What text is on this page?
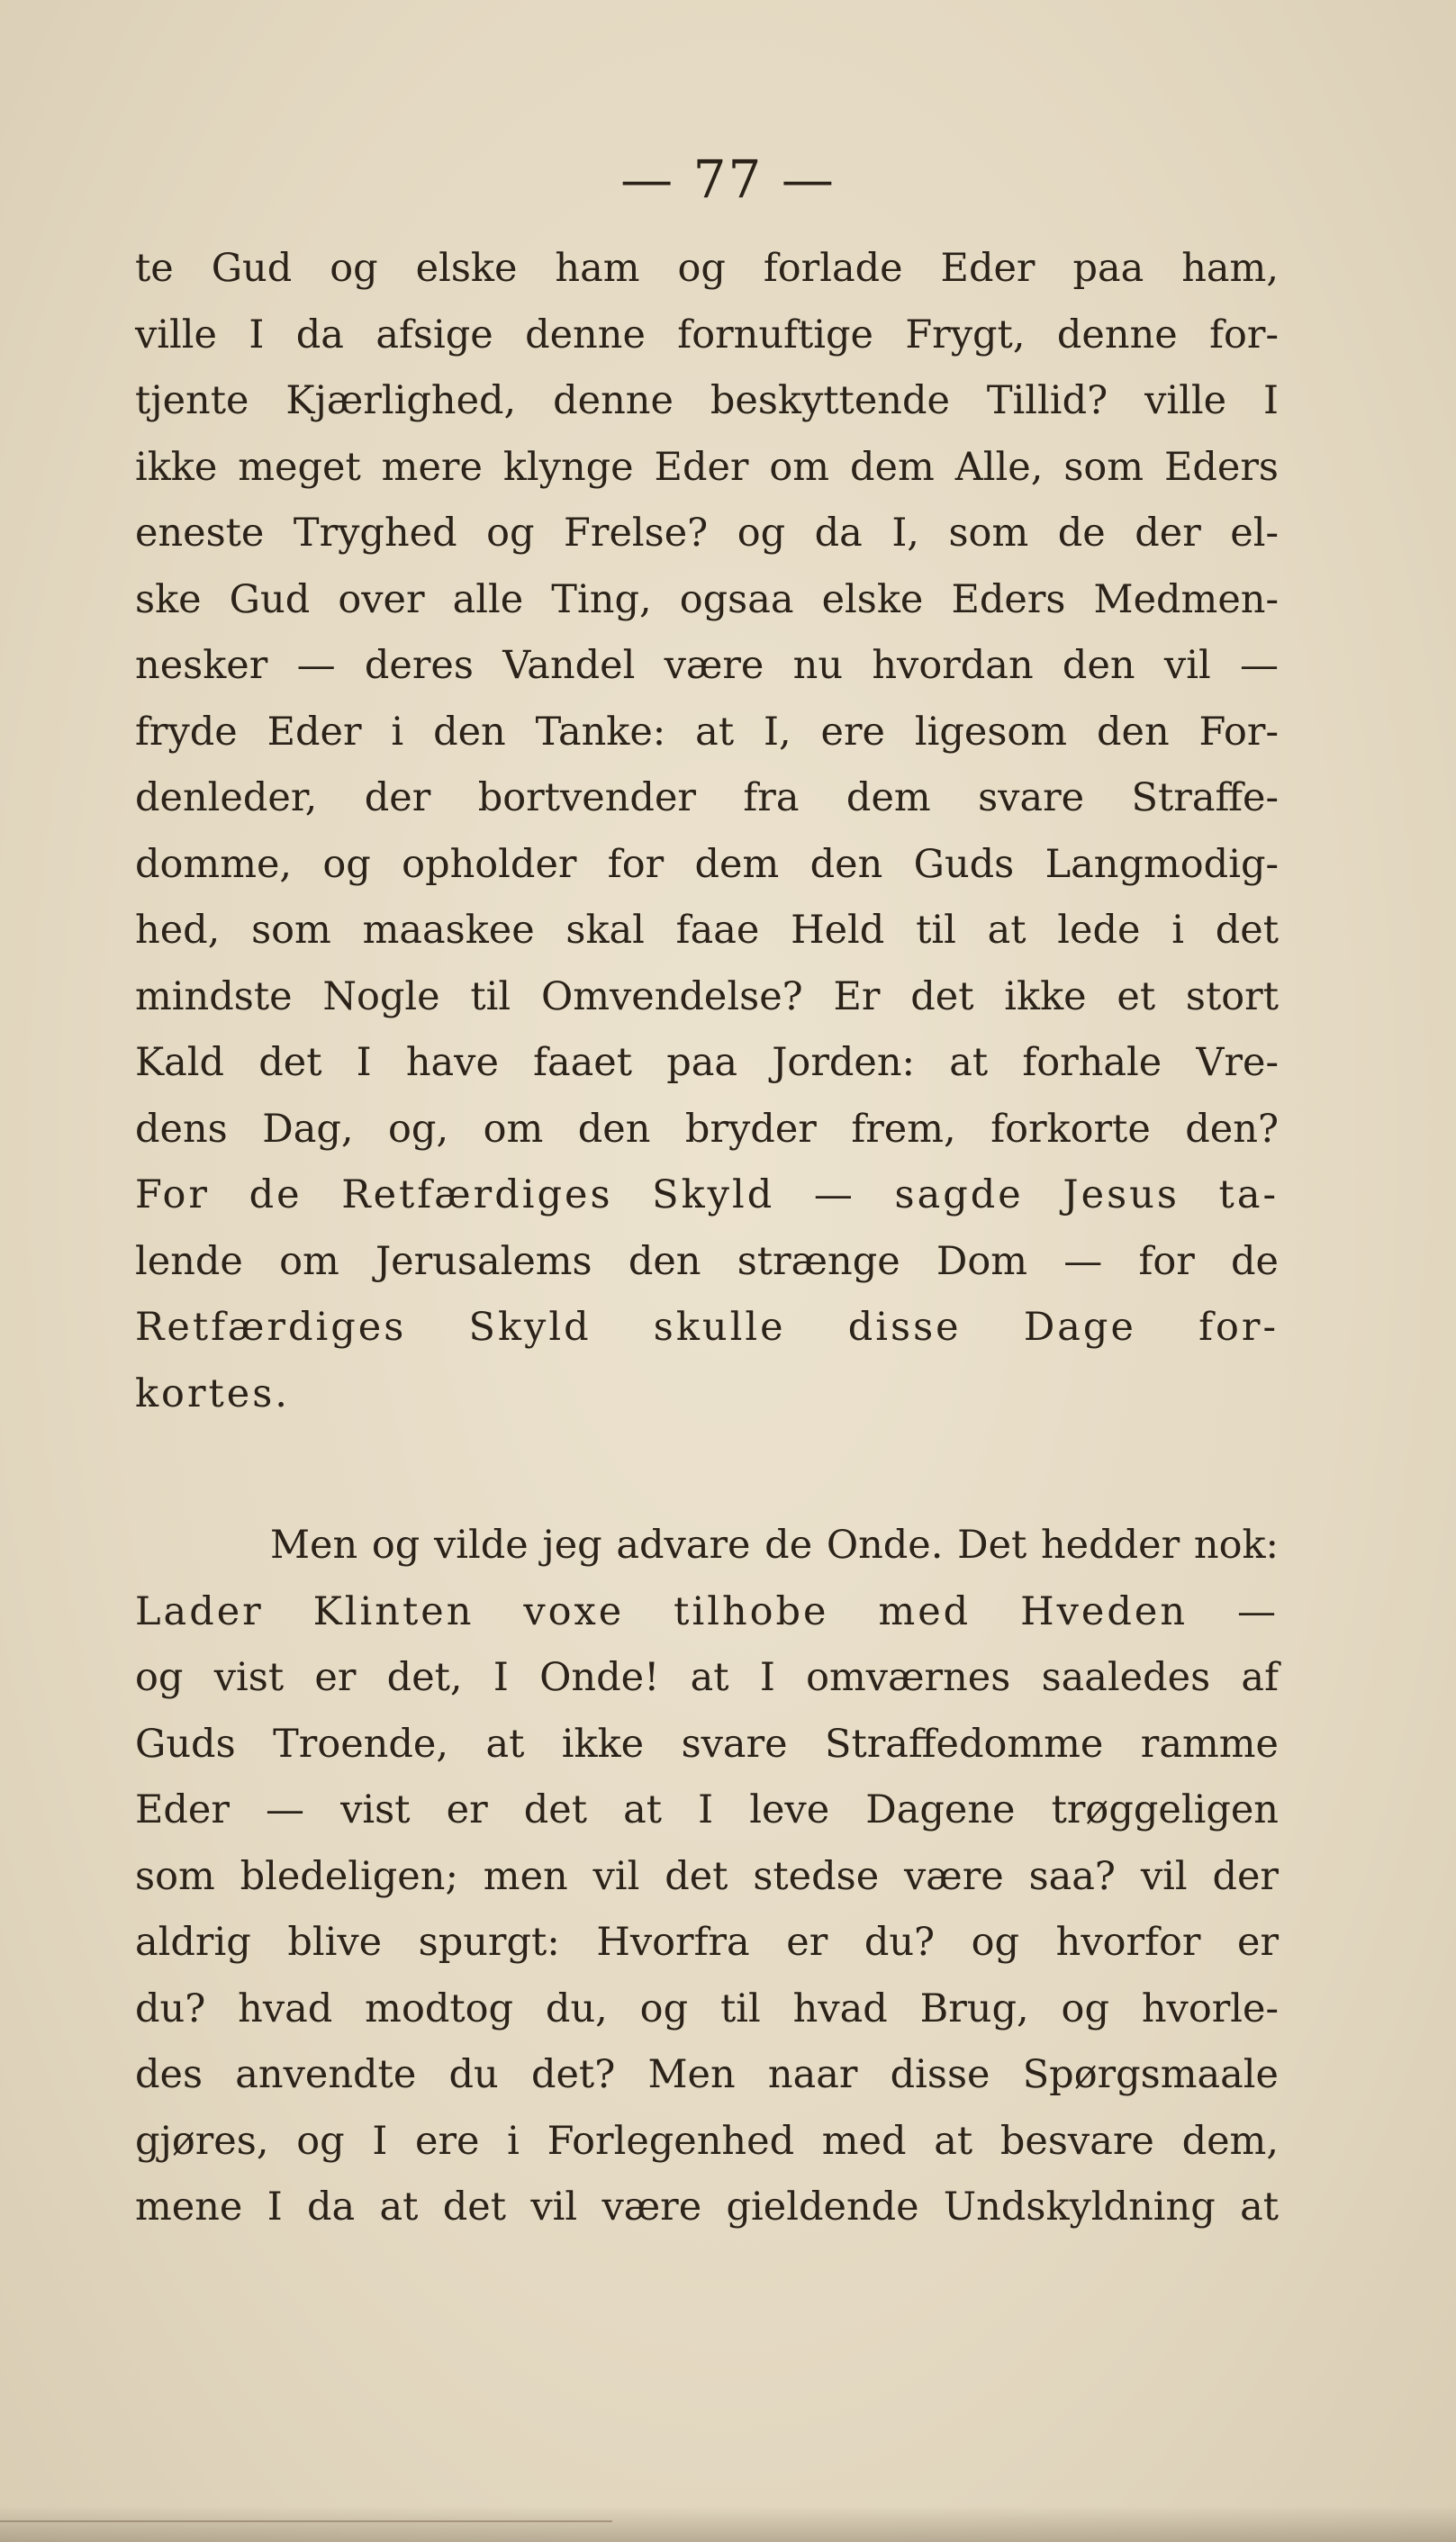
— 77 —
te Gud og elske ham og forlade Eder paa ham,
ville I da afsige denne fornuftige Frygt, denne for-
tjente Kjærlighed, denne beskyttende Tillid? ville I
ikke meget mere klynge Eder om dem Alle, som Eders
eneste Tryghed og Frelse? og da I, som de der el-
ske Gud over alle Ting, ogsaa elske Eders Medmen-
nesker — deres Vandel være nu hvordan den vil —
fryde Eder i den Tanke: at I, ere ligesom den For-
denleder, der bortvender fra dem svare Straffe-
domme, og opholder for dem den Guds Langmodig-
hed, som maaskee skal faae Held til at lede i det
mindste Nogle til Omvendelse? Er det ikke et stort
Kald det I have faaet paa Jorden: at forhale Vre-
dens Dag, og, om den bryder frem, forkorte den?
For de Retfærdiges Skyld — sagde Jesus ta-
lende om Jerusalems den strænge Dom — for de
Retfærdiges Skyld skulle disse Dage for-
kortes.
Men og vilde jeg advare de Onde. Det hedder nok:
Lader Klinten voxe tilhobe med Hveden —
og vist er det, I Onde! at I omværnes saaledes af
Guds Troende, at ikke svare Straffedomme ramme
Eder — vist er det at I leve Dagene trøggeligen
som bledeligen; men vil det stedse være saa? vil der
aldrig blive spurgt: Hvorfra er du? og hvorfor er
du? hvad modtog du, og til hvad Brug, og hvorle-
des anvendte du det? Men naar disse Spørgsmaale
gjøres, og I ere i Forlegenhed med at besvare dem,
mene I da at det vil være gieldende Undskyldning at
